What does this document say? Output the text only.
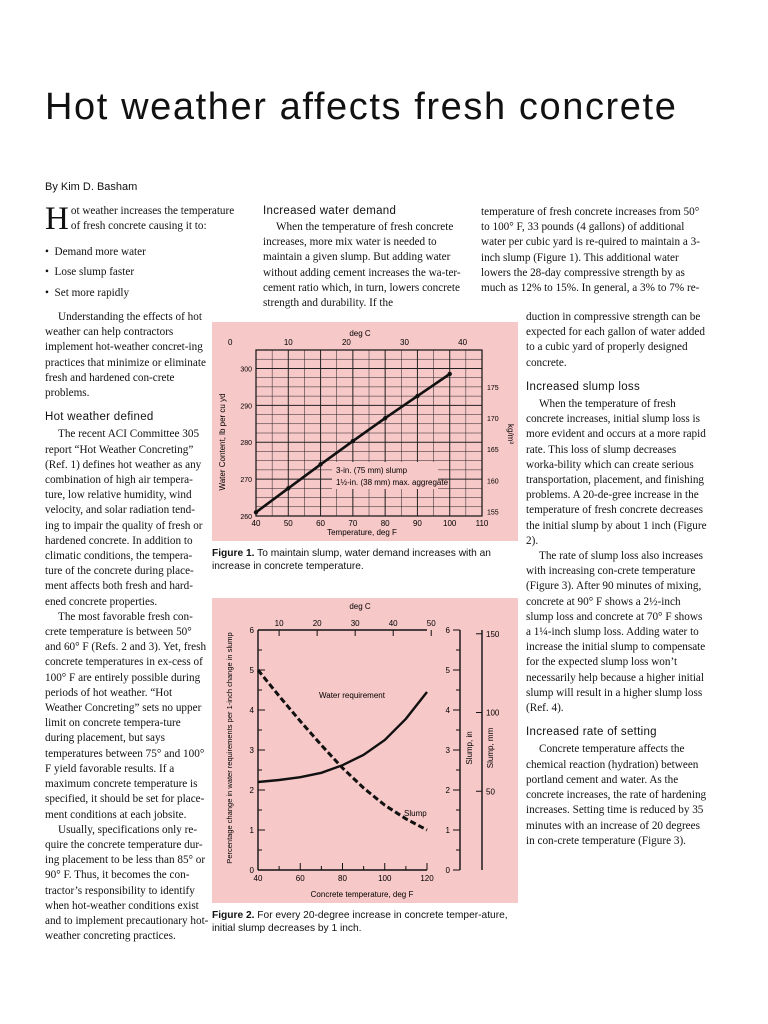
Hot weather affects fresh concrete
By Kim D. Basham
H ot weather increases the temperature of fresh concrete causing it to:
•  Demand more water
•  Lose slump faster
•  Set more rapidly

Understanding the effects of hot weather can help contractors implement hot-weather concret-ing practices that minimize or eliminate fresh and hardened con-crete problems.

Hot weather defined

The recent ACI Committee 305 report “Hot Weather Concreting” (Ref. 1) defines hot weather as any combination of high air tempera-ture, low relative humidity, wind velocity, and solar radiation tend-ing to impair the quality of fresh or hardened concrete. In addition to climatic conditions, the tempera-ture of the concrete during place-ment affects both fresh and hard-ened concrete properties.

The most favorable fresh con-crete temperature is between 50° and 60° F (Refs. 2 and 3). Yet, fresh concrete temperatures in ex-cess of 100° F are entirely possible during periods of hot weather. “Hot Weather Concreting” sets no upper limit on concrete tempera-ture during placement, but says temperatures between 75° and 100° F yield favorable results. If a maximum concrete temperature is specified, it should be set for place-ment conditions at each jobsite.

Usually, specifications only re-quire the concrete temperature dur-ing placement to be less than 85° or 90° F. Thus, it becomes the con-tractor’s responsibility to identify when hot-weather conditions exist and to implement precautionary hot-weather concreting practices.

Increased water demand

When the temperature of fresh concrete increases, more mix water is needed to maintain a given slump. But adding water without adding cement increases the wa-ter-cement ratio which, in turn, lowers concrete strength and durability. If the

temperature of fresh concrete increases from 50° to 100° F, 33 pounds (4 gallons) of additional water per cubic yard is re-quired to maintain a 3-inch slump (Figure 1). This additional water lowers the 28-day compressive strength by as much as 12% to 15%. In general, a 3% to 7% re-

duction in compressive strength can be expected for each gallon of water added to a cubic yard of properly designed concrete.

Increased slump loss

When the temperature of fresh concrete increases, initial slump loss is more evident and occurs at a more rapid rate. This loss of slump decreases worka-bility which can create serious transportation, placement, and finishing problems. A 20-de-gree increase in the temperature of fresh concrete decreases the initial slump by about 1 inch (Figure 2).

The rate of slump loss also increases with increasing con-crete temperature (Figure 3). After 90 minutes of mixing, concrete at 90° F shows a 2½-inch slump loss and concrete at 70° F shows a 1¼-inch slump loss. Adding water to increase the initial slump to compensate for the expected slump loss won’t necessarily help because a higher initial slump will result in a higher slump loss (Ref. 4).

Increased rate of setting

Concrete temperature affects the chemical reaction (hydration) between portland cement and water. As the concrete increases, the rate of hardening increases. Setting time is reduced by 35 minutes with an increase of 20 degrees in con-crete temperature (Figure 3).

40	50	60	70	80	90	100 110
260
270
280
290
300
0	10	20	30	40
155
160
165
170
175
deg C
Temperature, deg F
Water Content, lb per cu yd	kg/m³
3-in. (75 mm) slump
1½-in. (38 mm) max. aggregate
Figure 1. To maintain slump, water demand increases with an increase in concrete temperature.
40	60	80	100	120
0
1
2
3
4
5
6
0
1
2
3
4
5
6
10	20	30	40	50
50
100
150
deg C
Concrete temperature, deg F
Percentage change in water requirements per 1-inch change in slump	Slump, in Slump, mm
Water requirement
Slump
Figure 2. For every 20-degree increase in concrete temper-ature, initial slump decreases by 1 inch.
